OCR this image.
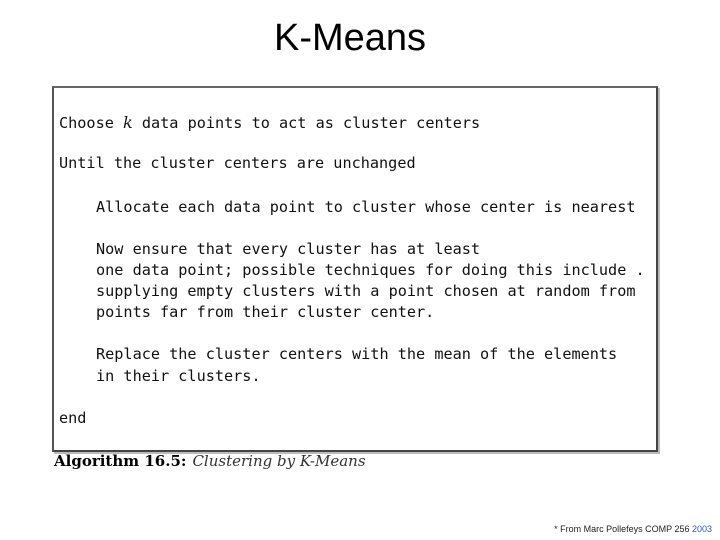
K-Means
Choose k data points to act as cluster centers
Until the cluster centers are unchanged
Allocate each data point to cluster whose center is nearest
Now ensure that every cluster has at least
one data point; possible techniques for doing this include .
supplying empty clusters with a point chosen at random from
points far from their cluster center.
Replace the cluster centers with the mean of the elements
in their clusters.
end
Algorithm 16.5: Clustering by K-Means
* From Marc Pollefeys COMP 256 2003
